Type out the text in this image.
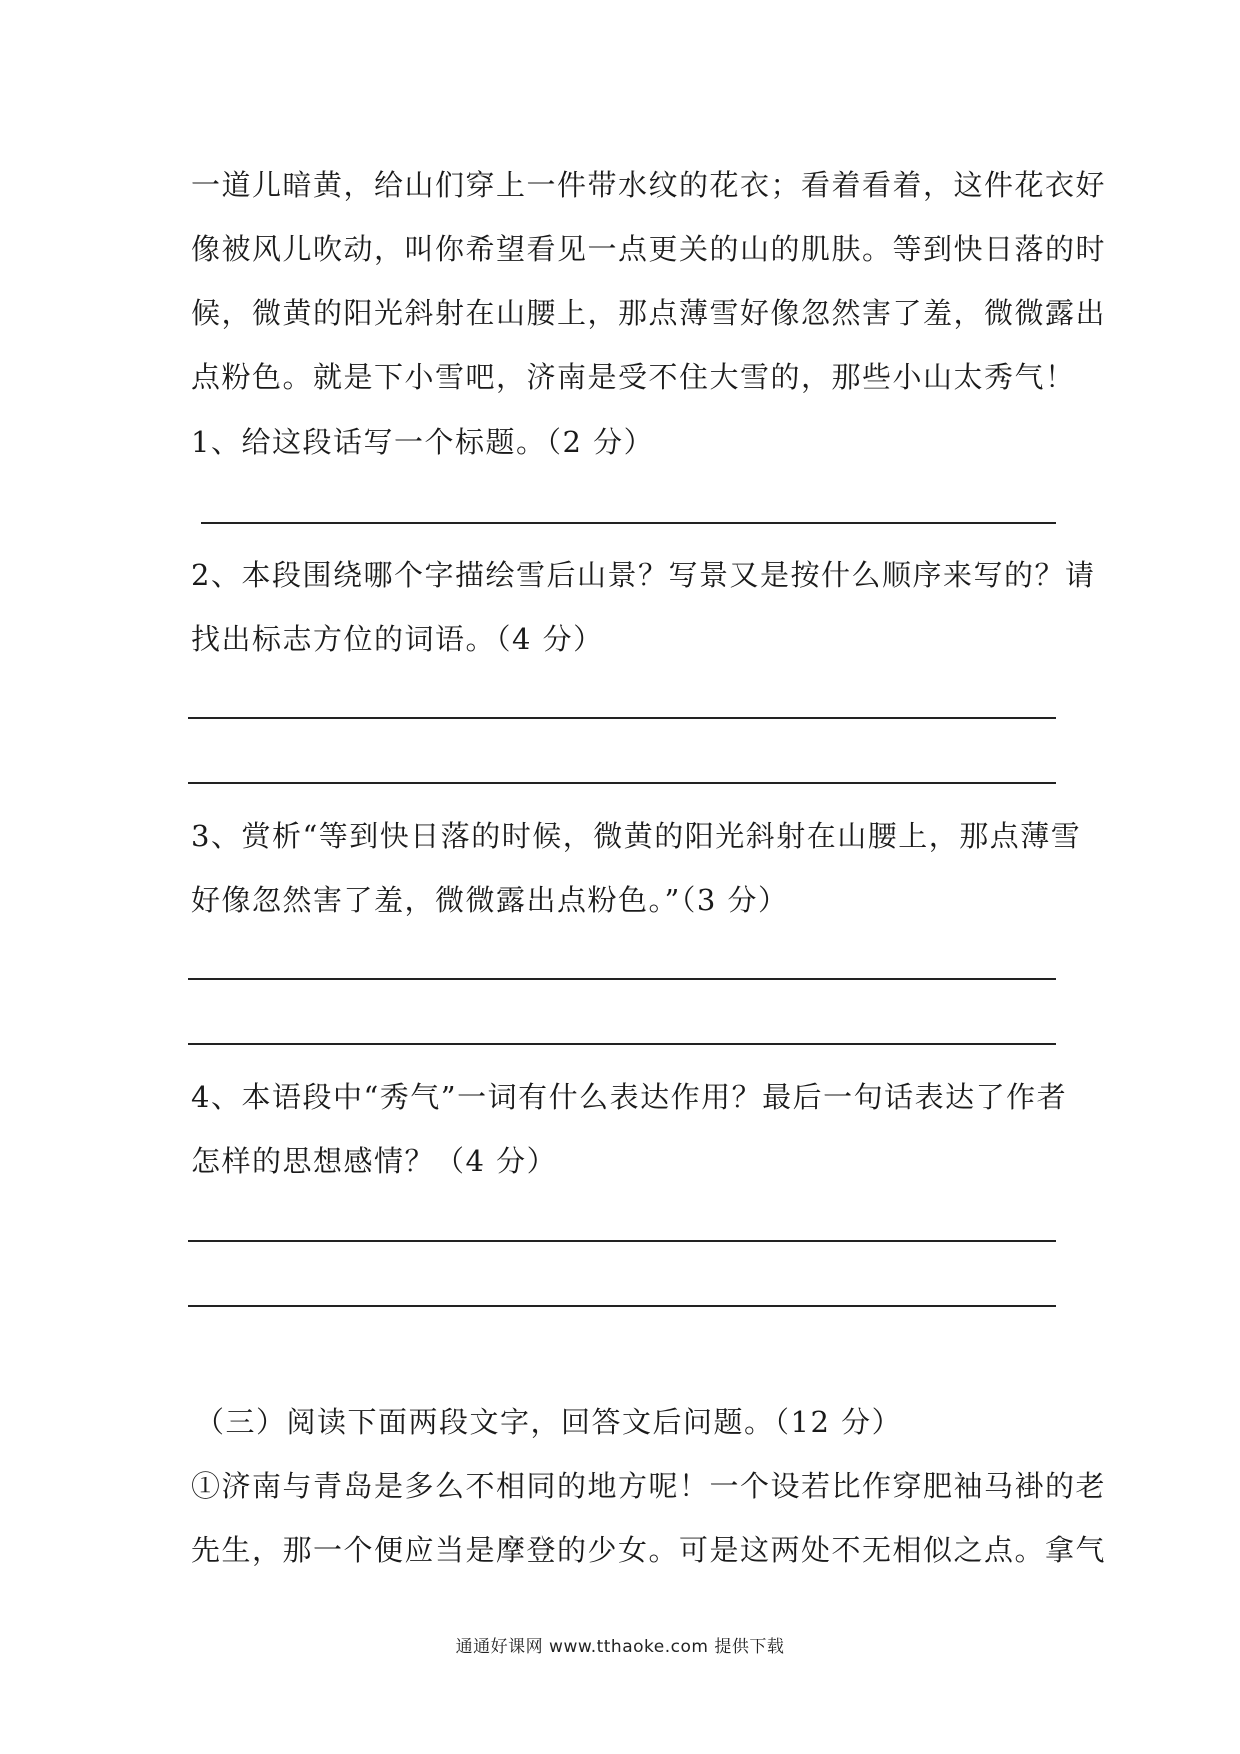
一道儿暗黄，给山们穿上一件带水纹的花衣；看着看着，这件花衣好
像被风儿吹动，叫你希望看见一点更关的山的肌肤。等到快日落的时
候，微黄的阳光斜射在山腰上，那点薄雪好像忽然害了羞，微微露出
点粉色。就是下小雪吧，济南是受不住大雪的，那些小山太秀气！
1、给这段话写一个标题。（2 分）
2、本段围绕哪个字描绘雪后山景？写景又是按什么顺序来写的？请
找出标志方位的词语。（4 分）
3、赏析“等到快日落的时候，微黄的阳光斜射在山腰上，那点薄雪
好像忽然害了羞，微微露出点粉色。”（3 分）
4、本语段中“秀气”一词有什么表达作用？最后一句话表达了作者
怎样的思想感情？（4 分）
（三）阅读下面两段文字，回答文后问题。（12 分）
①济南与青岛是多么不相同的地方呢！一个设若比作穿肥袖马褂的老
先生，那一个便应当是摩登的少女。可是这两处不无相似之点。拿气
通通好课网 www.tthaoke.com 提供下载
